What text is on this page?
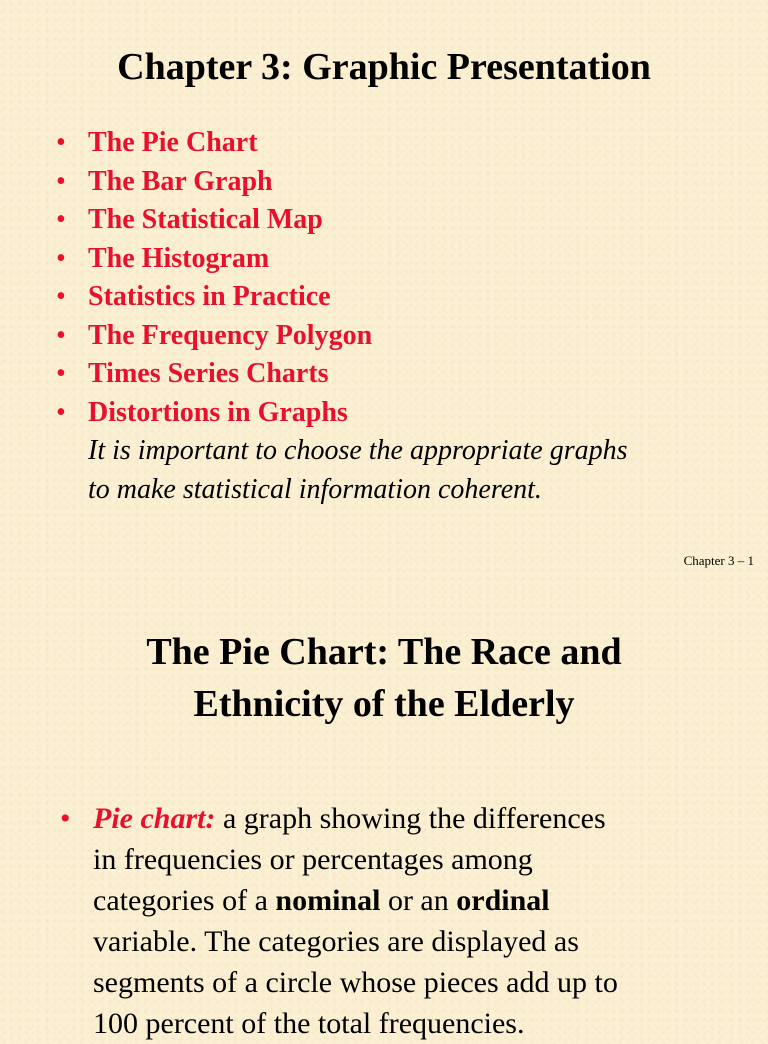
Chapter 3: Graphic Presentation
• The Pie Chart
• The Bar Graph
• The Statistical Map
• The Histogram
• Statistics in Practice
• The Frequency Polygon
• Times Series Charts
• Distortions in Graphs
It is important to choose the appropriate graphs
to make statistical information coherent.
Chapter 3 – 1
The Pie Chart: The Race and
Ethnicity of the Elderly
• Pie chart: a graph showing the differences
in frequencies or percentages among
categories of a nominal or an ordinal
variable. The categories are displayed as
segments of a circle whose pieces add up to
100 percent of the total frequencies.
